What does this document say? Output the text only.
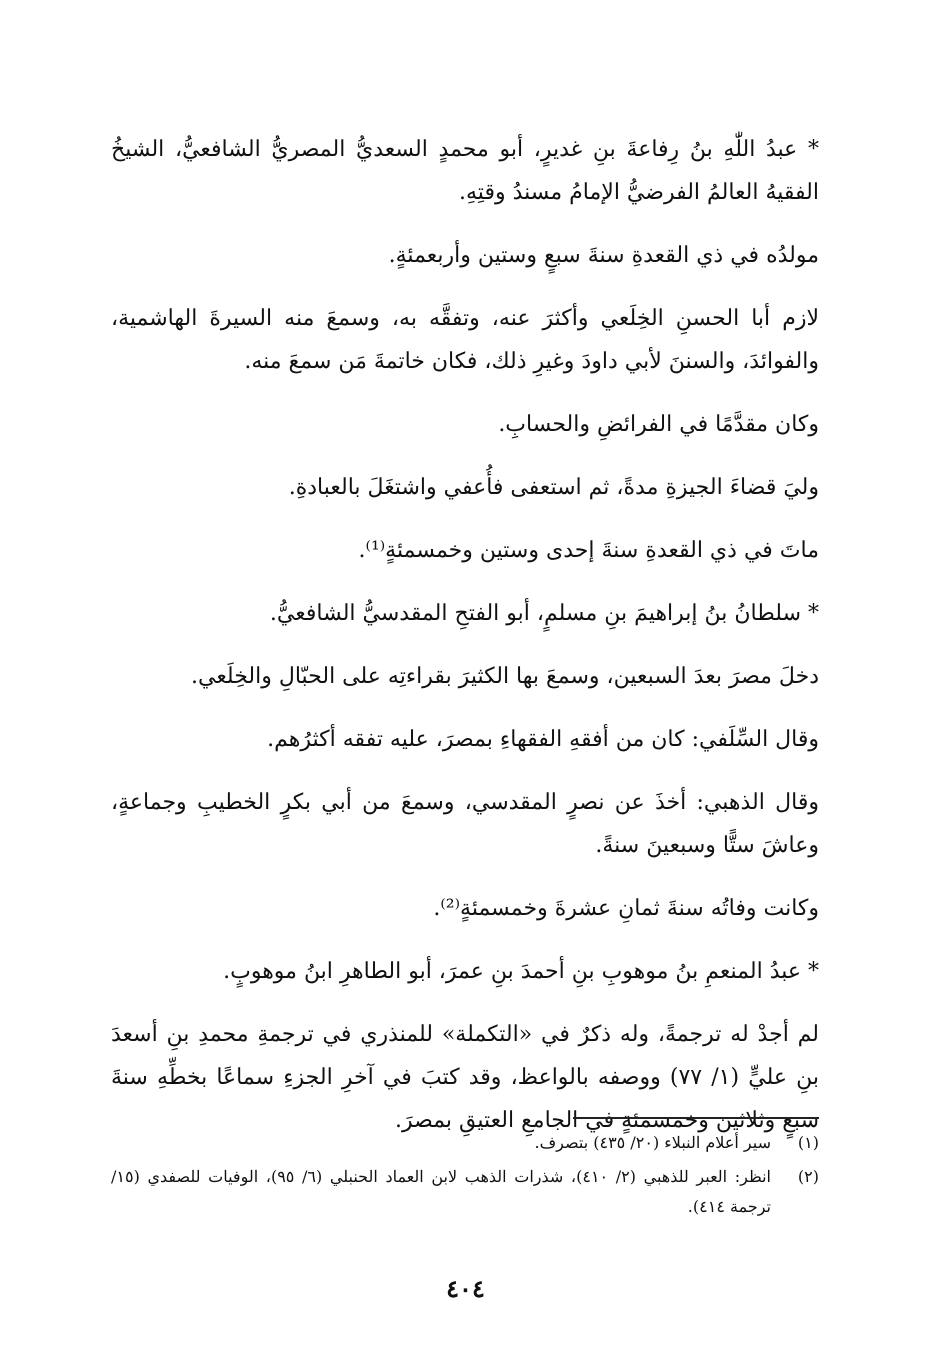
* عبدُ اللّٰهِ بنُ رِفاعةَ بنِ غديرٍ، أبو محمدٍ السعديُّ المصريُّ الشافعيُّ، الشيخُ الفقيهُ العالمُ الفرضيُّ الإمامُ مسندُ وقتِهِ.

مولدُه في ذي القعدةِ سنةَ سبعٍ وستين وأربعمئةٍ.

لازم أبا الحسنِ الخِلَعي وأكثرَ عنه، وتفقَّه به، وسمعَ منه السيرةَ الهاشمية، والفوائدَ، والسننَ لأبي داودَ وغيرِ ذلك، فكان خاتمةَ مَن سمعَ منه.

وكان مقدَّمًا في الفرائضِ والحسابِ.

وليَ قضاءَ الجيزةِ مدةً، ثم استعفى فأُعفي واشتغَلَ بالعبادةِ.

ماتَ في ذي القعدةِ سنةَ إحدى وستين وخمسمئةٍ⁽¹⁾.

* سلطانُ بنُ إبراهيمَ بنِ مسلمٍ، أبو الفتحِ المقدسيُّ الشافعيُّ.

دخلَ مصرَ بعدَ السبعين، وسمعَ بها الكثيرَ بقراءتِه على الحبّالِ والخِلَعي.

وقال السِّلَفي: كان من أفقهِ الفقهاءِ بمصرَ، عليه تفقه أكثرُهم.

وقال الذهبي: أخذَ عن نصرٍ المقدسي، وسمعَ من أبي بكرٍ الخطيبِ وجماعةٍ، وعاشَ ستًّا وسبعينَ سنةً.

وكانت وفاتُه سنةَ ثمانِ عشرةَ وخمسمئةٍ⁽²⁾.

* عبدُ المنعمِ بنُ موهوبِ بنِ أحمدَ بنِ عمرَ، أبو الطاهرِ ابنُ موهوبٍ.

لم أجدْ له ترجمةً، وله ذكرٌ في «التكملة» للمنذري في ترجمةِ محمدِ بنِ أسعدَ بنِ عليٍّ (١/ ٧٧) ووصفه بالواعظ، وقد كتبَ في آخرِ الجزءِ سماعًا بخطِّهِ سنةَ سبعٍ وثلاثين وخمسمئةٍ في الجامعِ العتيقِ بمصرَ.

(١)
سير أعلام النبلاء (٢٠/ ٤٣٥) بتصرف.
(٢)
انظر: العبر للذهبي (٢/ ٤١٠)، شذرات الذهب لابن العماد الحنبلي (٦/ ٩٥)، الوفيات للصفدي (١٥/ ترجمة ٤١٤).
٤٠٤
